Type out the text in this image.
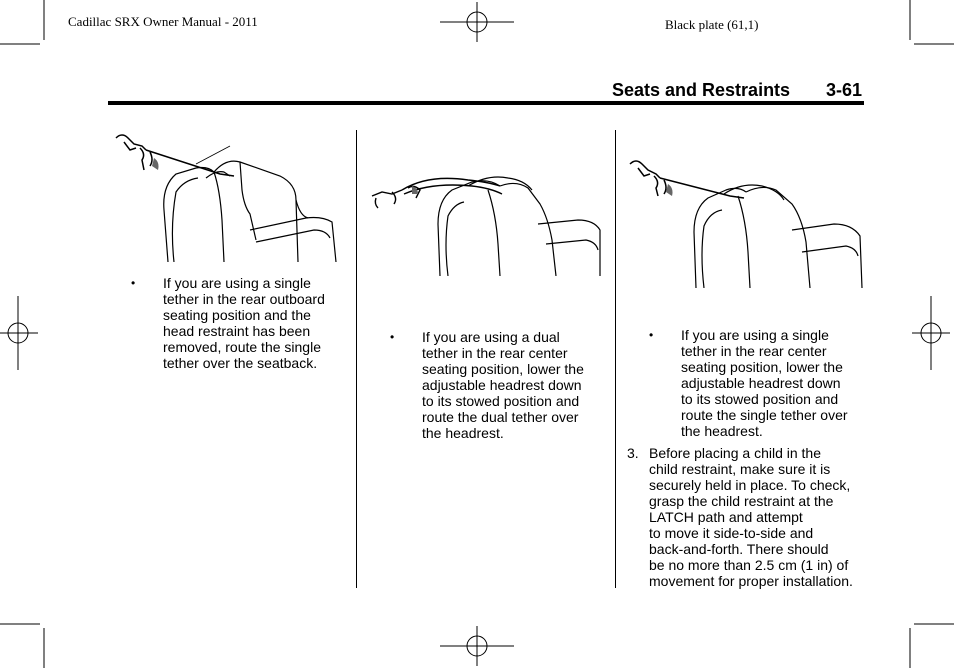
Cadillac SRX Owner Manual - 2011	Black plate (61,1)
Seats and Restraints 3-61
• If you are using a single
tether in the rear outboard
seating position and the
head restraint has been
removed, route the single
tether over the seatback.
• If you are using a dual
tether in the rear center
seating position, lower the
adjustable headrest down
to its stowed position and
route the dual tether over
the headrest.
• If you are using a single
tether in the rear center
seating position, lower the
adjustable headrest down
to its stowed position and
route the single tether over
the headrest.
3. Before placing a child in the
child restraint, make sure it is
securely held in place. To check,
grasp the child restraint at the
LATCH path and attempt
to move it side-to-side and
back-and-forth. There should
be no more than 2.5 cm (1 in) of
movement for proper installation.
